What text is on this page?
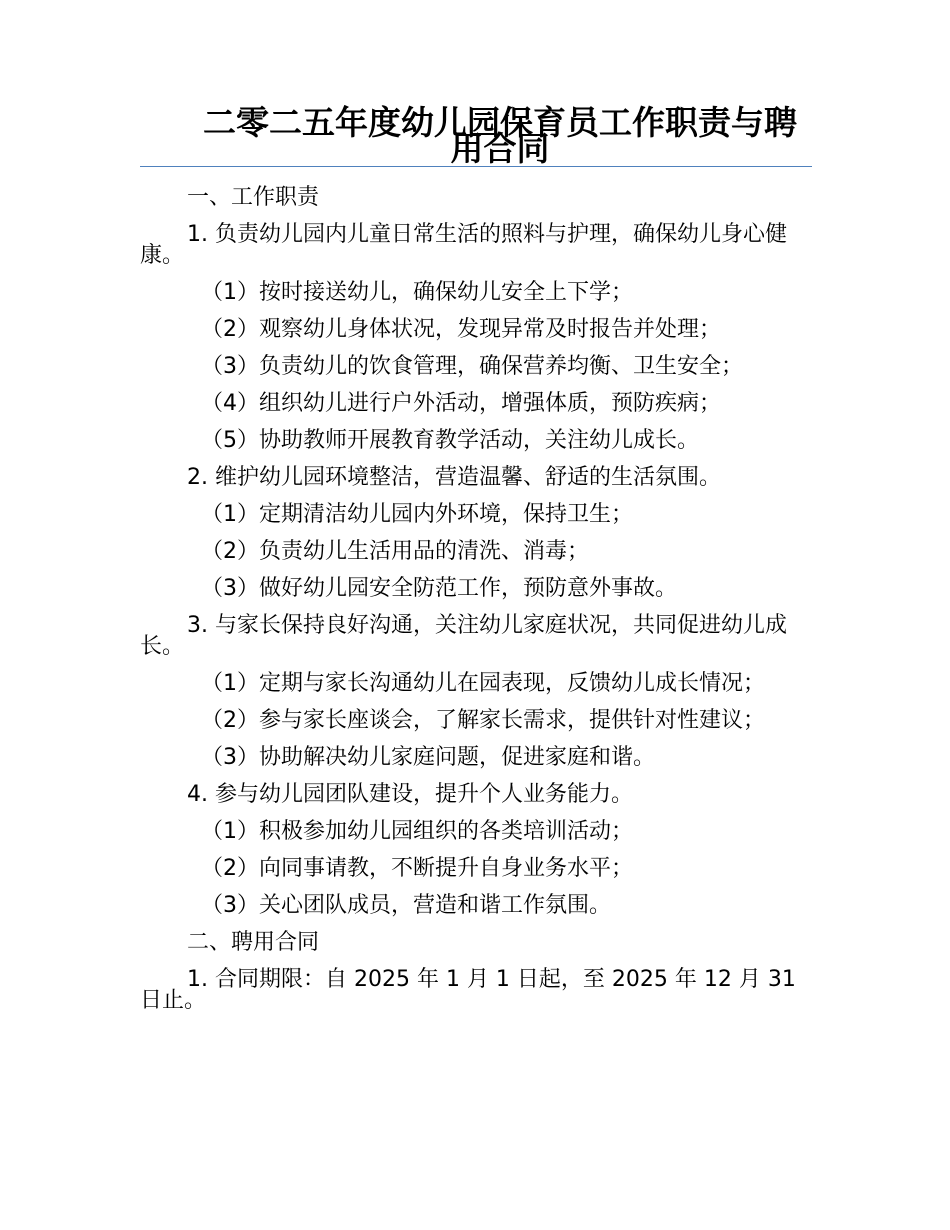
二零二五年度幼儿园保育员工作职责与聘用合同

一、工作职责

1. 负责幼儿园内儿童日常生活的照料与护理，确保幼儿身心健康。

（1）按时接送幼儿，确保幼儿安全上下学；

（2）观察幼儿身体状况，发现异常及时报告并处理；

（3）负责幼儿的饮食管理，确保营养均衡、卫生安全；

（4）组织幼儿进行户外活动，增强体质，预防疾病；

（5）协助教师开展教育教学活动，关注幼儿成长。

2. 维护幼儿园环境整洁，营造温馨、舒适的生活氛围。

（1）定期清洁幼儿园内外环境，保持卫生；

（2）负责幼儿生活用品的清洗、消毒；

（3）做好幼儿园安全防范工作，预防意外事故。

3. 与家长保持良好沟通，关注幼儿家庭状况，共同促进幼儿成长。

（1）定期与家长沟通幼儿在园表现，反馈幼儿成长情况；

（2）参与家长座谈会，了解家长需求，提供针对性建议；

（3）协助解决幼儿家庭问题，促进家庭和谐。

4. 参与幼儿园团队建设，提升个人业务能力。

（1）积极参加幼儿园组织的各类培训活动；

（2）向同事请教，不断提升自身业务水平；

（3）关心团队成员，营造和谐工作氛围。

二、聘用合同

1. 合同期限：自 2025 年 1 月 1 日起，至 2025 年 12 月 31 日止。
